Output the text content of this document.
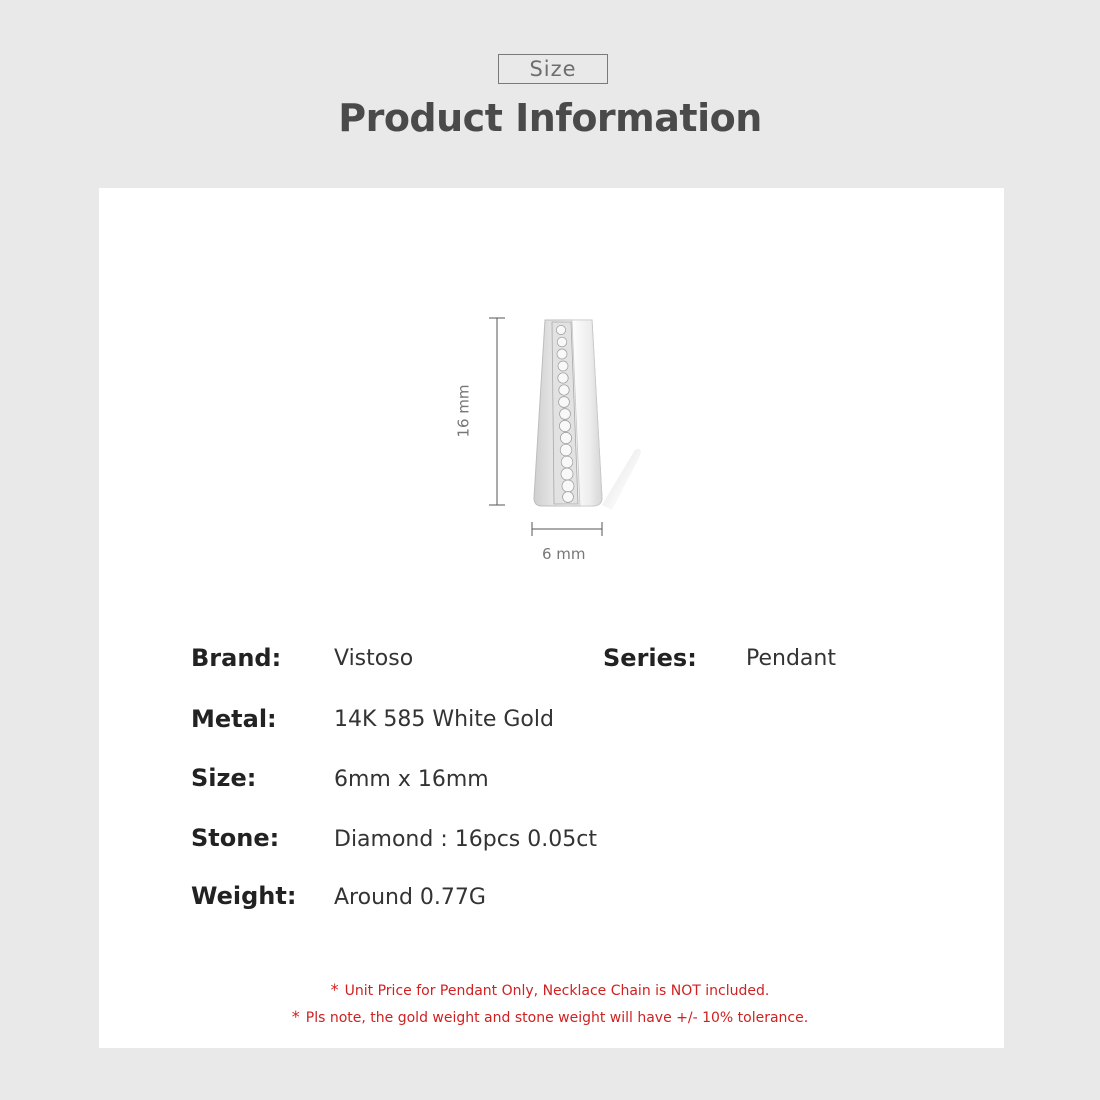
Size
Product Information
16 mm
6 mm
Brand: Vistoso	Series: Pendant
Metal:	14K 585 White Gold
Size:	6mm x 16mm
Stone: Diamond : 16pcs 0.05ct
Weight: Around 0.77G
* Unit Price for Pendant Only, Necklace Chain is NOT included.
* Pls note, the gold weight and stone weight will have +/- 10% tolerance.
